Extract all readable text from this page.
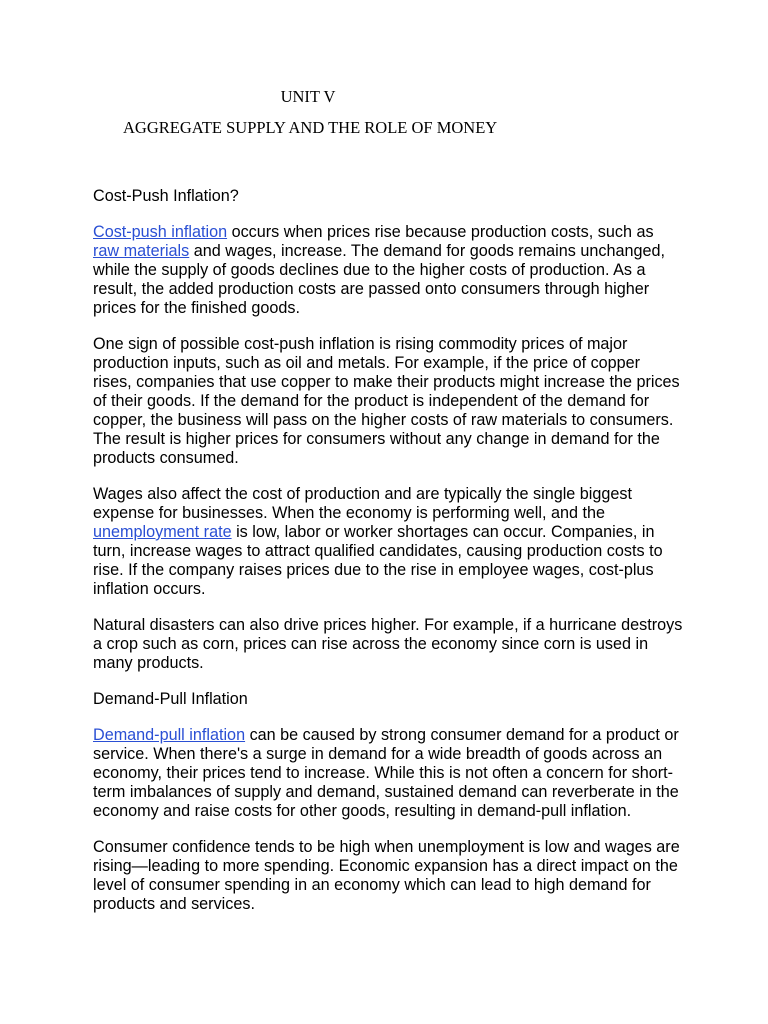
UNIT V
AGGREGATE SUPPLY AND THE ROLE OF MONEY
Cost-Push Inflation?

Cost-push inflation occurs when prices rise because production costs, such as raw materials and wages, increase. The demand for goods remains unchanged, while the supply of goods declines due to the higher costs of production. As a result, the added production costs are passed onto consumers through higher prices for the finished goods.

One sign of possible cost-push inflation is rising commodity prices of major production inputs, such as oil and metals. For example, if the price of copper rises, companies that use copper to make their products might increase the prices of their goods. If the demand for the product is independent of the demand for copper, the business will pass on the higher costs of raw materials to consumers. The result is higher prices for consumers without any change in demand for the products consumed.

Wages also affect the cost of production and are typically the single biggest expense for businesses. When the economy is performing well, and the unemployment rate is low, labor or worker shortages can occur. Companies, in turn, increase wages to attract qualified candidates, causing production costs to rise. If the company raises prices due to the rise in employee wages, cost-plus inflation occurs.

Natural disasters can also drive prices higher. For example, if a hurricane destroys a crop such as corn, prices can rise across the economy since corn is used in many products.

Demand-Pull Inflation

Demand-pull inflation can be caused by strong consumer demand for a product or service. When there's a surge in demand for a wide breadth of goods across an economy, their prices tend to increase. While this is not often a concern for short-term imbalances of supply and demand, sustained demand can reverberate in the economy and raise costs for other goods, resulting in demand-pull inflation.

Consumer confidence tends to be high when unemployment is low and wages are rising—leading to more spending. Economic expansion has a direct impact on the level of consumer spending in an economy which can lead to high demand for products and services.
